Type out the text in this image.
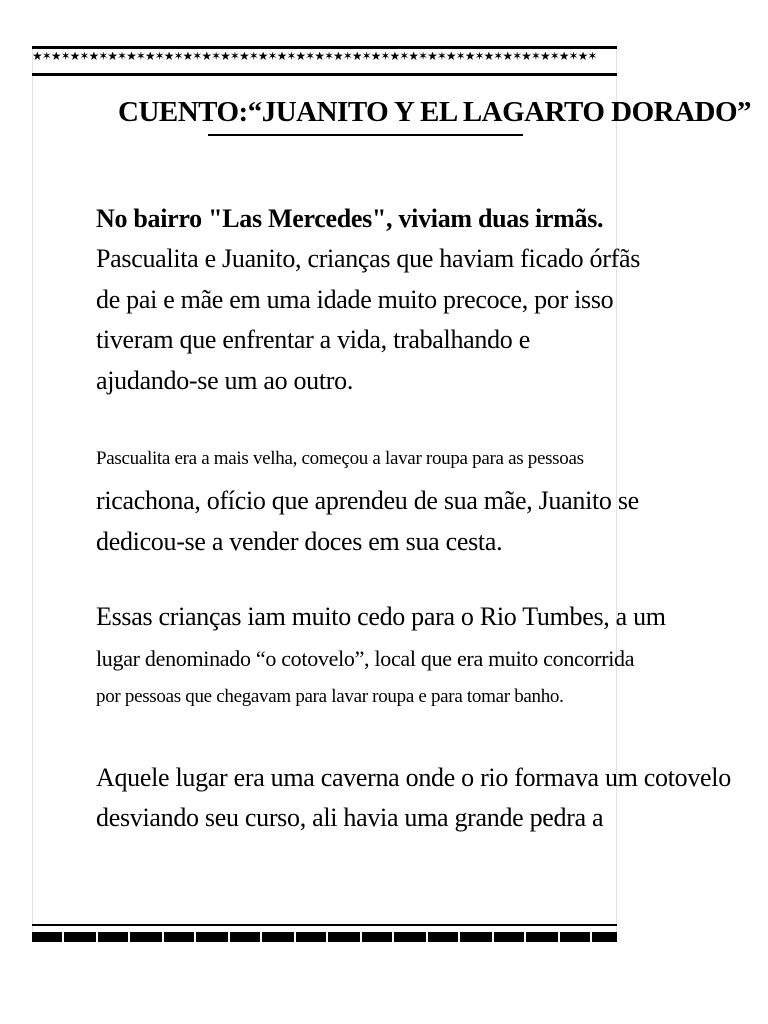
★✶★✶★✶★✶★✶★✶★✶★✶★✶★✶★✶★✶★✶★✶★✶★✶★✶★✶★✶★✶★✶★✶★✶★✶★✶★✶★✶★✶★✶★✶
CUENTO:“JUANITO Y EL LAGARTO DORADO”
No bairro "Las Mercedes", viviam duas irmãs.
Pascualita e Juanito, crianças que haviam ficado órfãs
de pai e mãe em uma idade muito precoce, por isso
tiveram que enfrentar a vida, trabalhando e
ajudando-se um ao outro.
Pascualita era a mais velha, começou a lavar roupa para as pessoas
ricachona, ofício que aprendeu de sua mãe, Juanito se
dedicou-se a vender doces em sua cesta.
Essas crianças iam muito cedo para o Rio Tumbes, a um
lugar denominado “o cotovelo”, local que era muito concorrida
por pessoas que chegavam para lavar roupa e para tomar banho.
Aquele lugar era uma caverna onde o rio formava um cotovelo
desviando seu curso, ali havia uma grande pedra a
